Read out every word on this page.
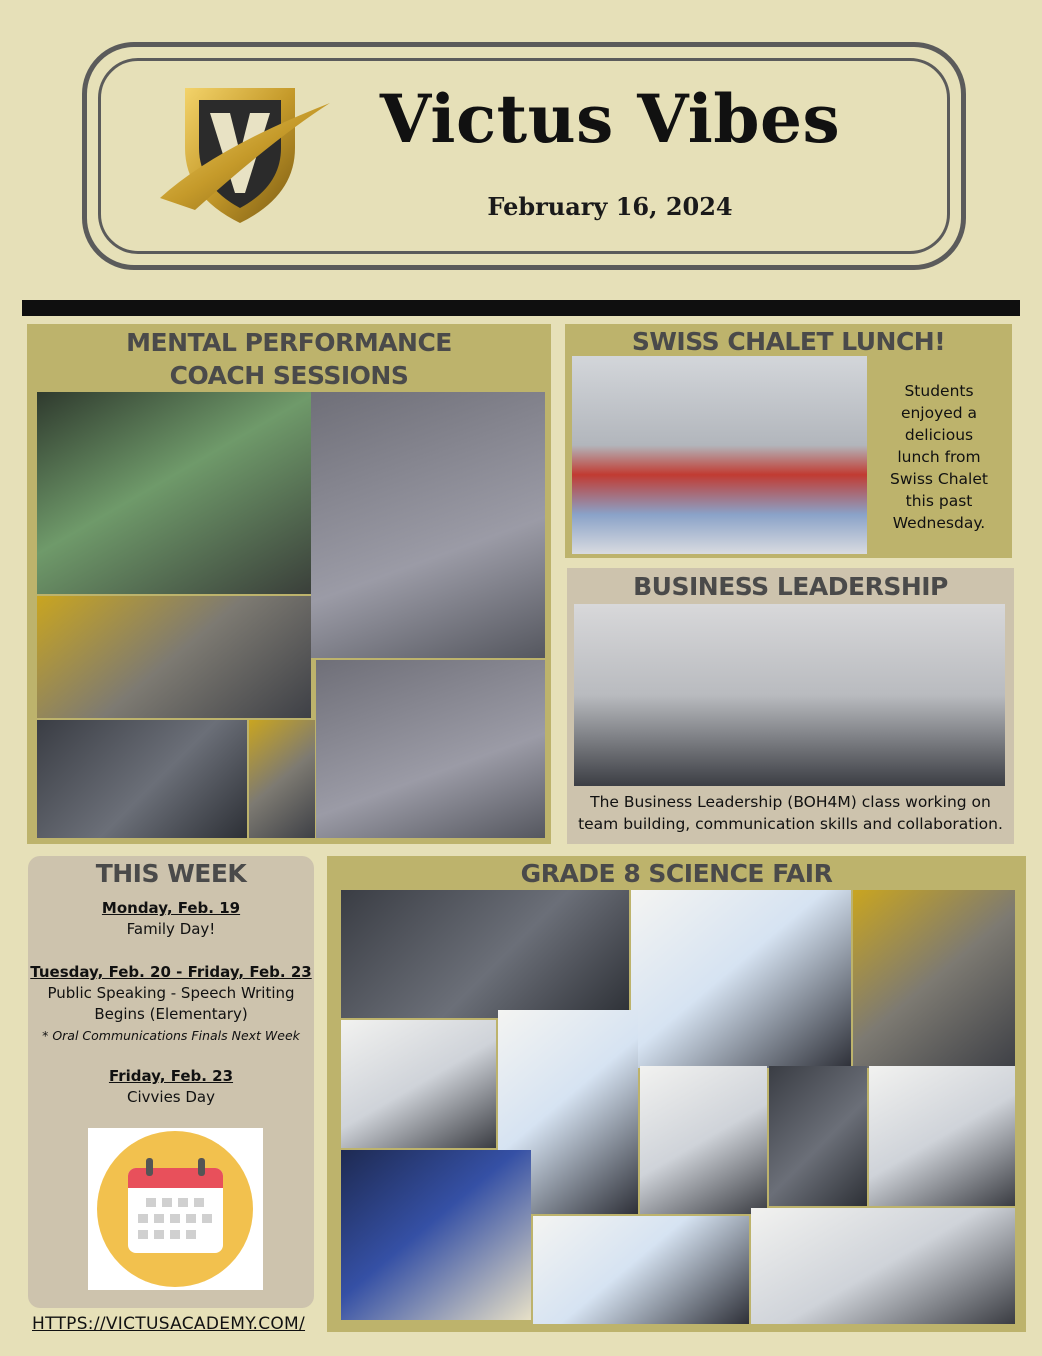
Victus Vibes
February 16, 2024
MENTAL PERFORMANCE
COACH SESSIONS
SWISS CHALET LUNCH!
Students
enjoyed a
delicious
lunch from
Swiss Chalet
this past
Wednesday.
BUSINESS LEADERSHIP
The Business Leadership (BOH4M) class working on
team building, communication skills and collaboration.
THIS WEEK
Monday, Feb. 19
Family Day!
Tuesday, Feb. 20 - Friday, Feb. 23
Public Speaking - Speech Writing
Begins (Elementary)
* Oral Communications Finals Next Week
Friday, Feb. 23
Civvies Day
HTTPS://VICTUSACADEMY.COM/
GRADE 8 SCIENCE FAIR
